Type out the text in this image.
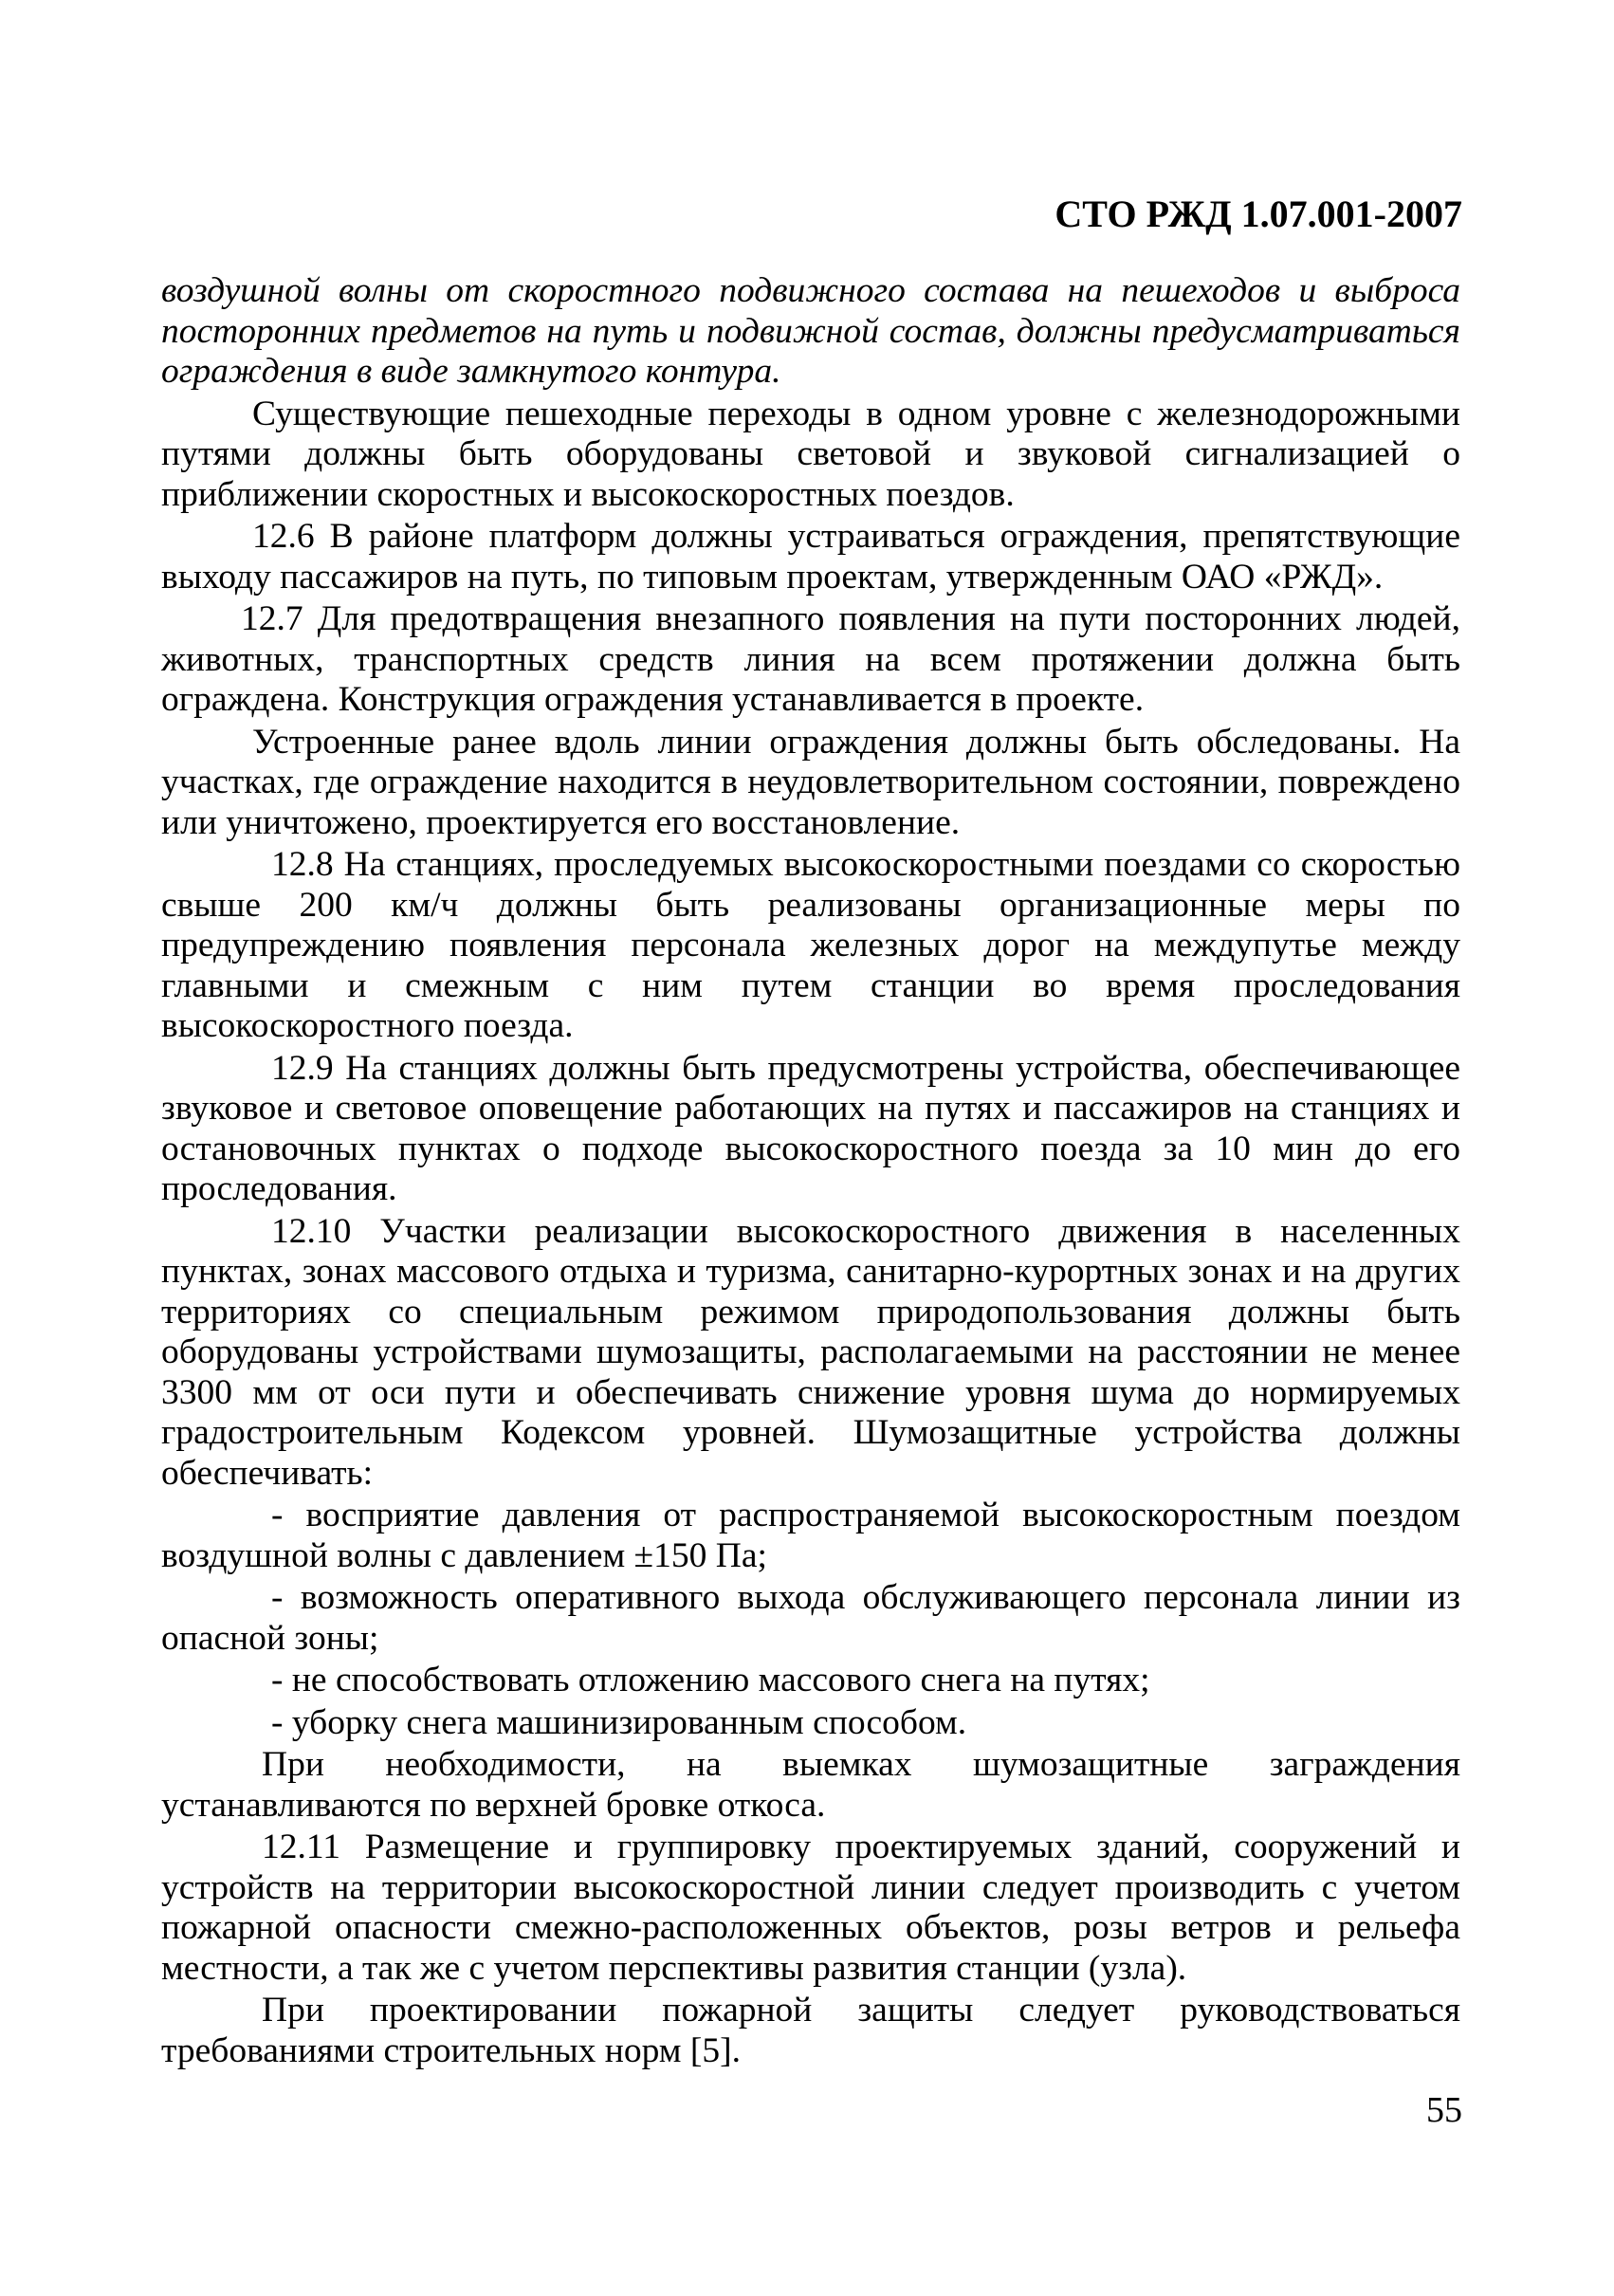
СТО РЖД 1.07.001-2007

воздушной волны от скоростного подвижного состава на пешеходов и выброса посторонних предметов на путь и подвижной состав, должны предусматриваться ограждения в виде замкнутого контура.

Существующие пешеходные переходы в одном уровне с железнодорожными путями должны быть оборудованы световой и звуковой сигнализацией о приближении скоростных и высокоскоростных поездов.

12.6 В районе платформ должны устраиваться ограждения, препятствующие выходу пассажиров на путь, по типовым проектам, утвержденным ОАО «РЖД».

12.7 Для предотвращения внезапного появления на пути посторонних людей, животных, транспортных средств линия на всем протяжении должна быть ограждена. Конструкция ограждения устанавливается в проекте.

Устроенные ранее вдоль линии ограждения должны быть обследованы. На участках, где ограждение находится в неудовлетворительном состоянии, повреждено или уничтожено, проектируется его восстановление.

12.8 На станциях, проследуемых высокоскоростными поездами со скоростью свыше 200 км/ч должны быть реализованы организационные меры по предупреждению появления персонала железных дорог на междупутье между главными и смежным с ним путем станции во время проследования высокоскоростного поезда.

12.9 На станциях должны быть предусмотрены устройства, обеспечивающее звуковое и световое оповещение работающих на путях и пассажиров на станциях и остановочных пунктах о подходе высокоскоростного поезда за 10 мин до его проследования.

12.10 Участки реализации высокоскоростного движения в населенных пунктах, зонах массового отдыха и туризма, санитарно-курортных зонах и на других территориях со специальным режимом природопользования должны быть оборудованы устройствами шумозащиты, располагаемыми на расстоянии не менее 3300 мм от оси пути и обеспечивать снижение уровня шума до нормируемых градостроительным Кодексом уровней. Шумозащитные устройства должны обеспечивать:

- восприятие давления от распространяемой высокоскоростным поездом воздушной волны с давлением ±150 Па;

- возможность оперативного выхода обслуживающего персонала линии из опасной зоны;

- не способствовать отложению массового снега на путях;

- уборку снега машинизированным способом.

При необходимости, на выемках шумозащитные заграждения устанавливаются по верхней бровке откоса.

12.11 Размещение и группировку проектируемых зданий, сооружений и устройств на территории высокоскоростной линии следует производить с учетом пожарной опасности смежно-расположенных объектов, розы ветров и рельефа местности, а так же с учетом перспективы развития станции (узла).

При проектировании пожарной защиты следует руководствоваться требованиями строительных норм [5].

55
